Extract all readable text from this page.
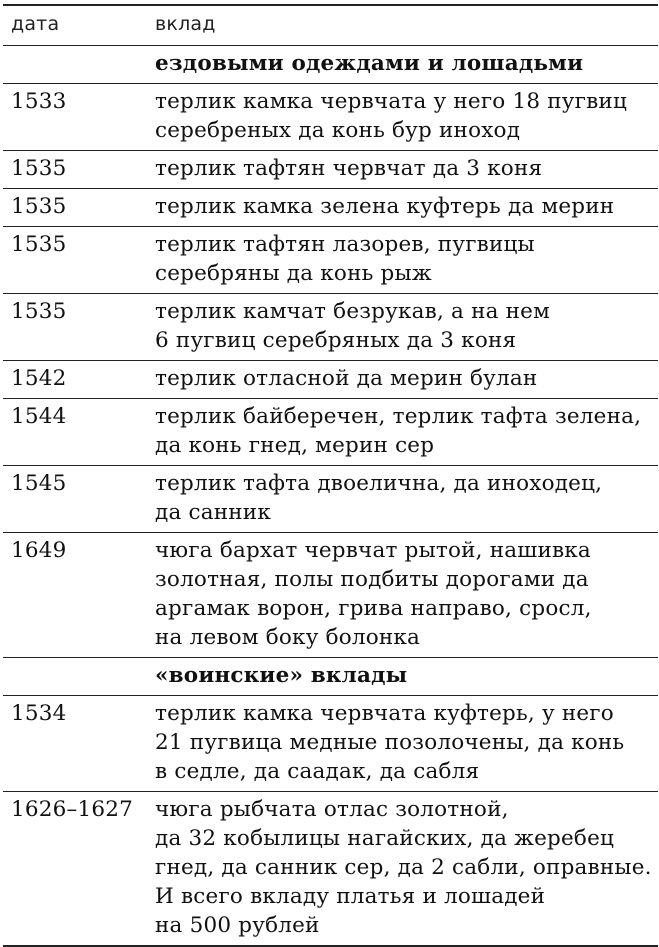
дата	вклад
	ездовыми одеждами и лошадьми
1533	терлик камка червчата у него 18 пугвиц
серебреных да конь бур иноход

1535	терлик тафтян червчат да 3 коня

1535	терлик камка зелена куфтерь да мерин

1535	терлик тафтян лазорев, пугвицы
серебряны да конь рыж

1535	терлик камчат безрукав, а на нем
6 пугвиц серебряных да 3 коня

1542	терлик отласной да мерин булан

1544	терлик байберечен, терлик тафта зелена,
да конь гнед, мерин сер

1545	терлик тафта двоелична, да иноходец,
да санник

1649	чюга бархат червчат рытой, нашивка
золотная, полы подбиты дорогами да
аргамак ворон, грива направо, сросл,
на левом боку болонка

	«воинские» вклады
1534	терлик камка червчата куфтерь, у него
21 пугвица медные позолочены, да конь
в седле, да саадак, да сабля

1626–1627	чюга рыбчата отлас золотной,
да 32 кобылицы нагайских, да жеребец
гнед, да санник сер, да 2 сабли, оправные.
И всего вкладу платья и лошадей
на 500 рублей
